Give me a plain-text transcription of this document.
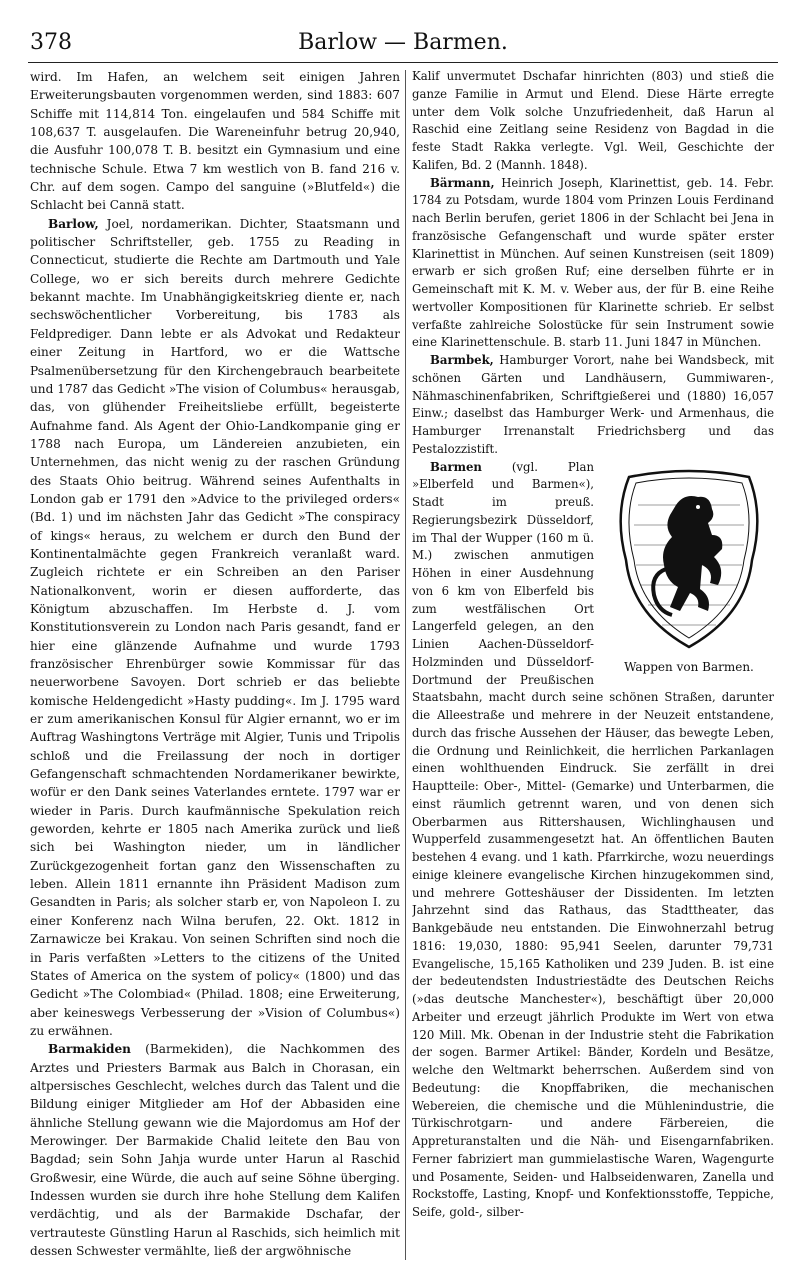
378	Barlow — Barmen.

wird. Im Hafen, an welchem seit einigen Jahren Erweiterungsbauten vorgenommen werden, sind 1883: 607 Schiffe mit 114,814 Ton. eingelaufen und 584 Schiffe mit 108,637 T. ausgelaufen. Die Wareneinfuhr betrug 20,940, die Ausfuhr 100,078 T. B. besitzt ein Gymnasium und eine technische Schule. Etwa 7 km westlich von B. fand 216 v. Chr. auf dem sogen. Campo del sanguine (»Blutfeld«) die Schlacht bei Cannä statt.

Barlow, Joel, nordamerikan. Dichter, Staatsmann und politischer Schriftsteller, geb. 1755 zu Reading in Connecticut, studierte die Rechte am Dartmouth und Yale College, wo er sich bereits durch mehrere Gedichte bekannt machte. Im Unabhängigkeitskrieg diente er, nach sechswöchentlicher Vorbereitung, bis 1783 als Feldprediger. Dann lebte er als Advokat und Redakteur einer Zeitung in Hartford, wo er die Wattsche Psalmenübersetzung für den Kirchengebrauch bearbeitete und 1787 das Gedicht »The vision of Columbus« herausgab, das, von glühender Freiheitsliebe erfüllt, begeisterte Aufnahme fand. Als Agent der Ohio-Landkompanie ging er 1788 nach Europa, um Ländereien anzubieten, ein Unternehmen, das nicht wenig zu der raschen Gründung des Staats Ohio beitrug. Während seines Aufenthalts in London gab er 1791 den »Advice to the privileged orders« (Bd. 1) und im nächsten Jahr das Gedicht »The conspiracy of kings« heraus, zu welchem er durch den Bund der Kontinentalmächte gegen Frankreich veranlaßt ward. Zugleich richtete er ein Schreiben an den Pariser Nationalkonvent, worin er diesen aufforderte, das Königtum abzuschaffen. Im Herbste d. J. vom Konstitutionsverein zu London nach Paris gesandt, fand er hier eine glänzende Aufnahme und wurde 1793 französischer Ehrenbürger sowie Kommissar für das neuerworbene Savoyen. Dort schrieb er das beliebte komische Heldengedicht »Hasty pudding«. Im J. 1795 ward er zum amerikanischen Konsul für Algier ernannt, wo er im Auftrag Washingtons Verträge mit Algier, Tunis und Tripolis schloß und die Freilassung der noch in dortiger Gefangenschaft schmachtenden Nordamerikaner bewirkte, wofür er den Dank seines Vaterlandes erntete. 1797 war er wieder in Paris. Durch kaufmännische Spekulation reich geworden, kehrte er 1805 nach Amerika zurück und ließ sich bei Washington nieder, um in ländlicher Zurückgezogenheit fortan ganz den Wissenschaften zu leben. Allein 1811 ernannte ihn Präsident Madison zum Gesandten in Paris; als solcher starb er, von Napoleon I. zu einer Konferenz nach Wilna berufen, 22. Okt. 1812 in Zarnawicze bei Krakau. Von seinen Schriften sind noch die in Paris verfaßten »Letters to the citizens of the United States of America on the system of policy« (1800) und das Gedicht »The Colombiad« (Philad. 1808; eine Erweiterung, aber keineswegs Verbesserung der »Vision of Columbus«) zu erwähnen.

Barmakiden (Barmekiden), die Nachkommen des Arztes und Priesters Barmak aus Balch in Chorasan, ein altpersisches Geschlecht, welches durch das Talent und die Bildung einiger Mitglieder am Hof der Abbasiden eine ähnliche Stellung gewann wie die Majordomus am Hof der Merowinger. Der Barmakide Chalid leitete den Bau von Bagdad; sein Sohn Jahja wurde unter Harun al Raschid Großwesir, eine Würde, die auch auf seine Söhne überging. Indessen wurden sie durch ihre hohe Stellung dem Kalifen verdächtig, und als der Barmakide Dschafar, der vertrauteste Günstling Harun al Raschids, sich heimlich mit dessen Schwester vermählte, ließ der argwöhnische

Kalif unvermutet Dschafar hinrichten (803) und stieß die ganze Familie in Armut und Elend. Diese Härte erregte unter dem Volk solche Unzufriedenheit, daß Harun al Raschid eine Zeitlang seine Residenz von Bagdad in die feste Stadt Rakka verlegte. Vgl. Weil, Geschichte der Kalifen, Bd. 2 (Mannh. 1848).

Bärmann, Heinrich Joseph, Klarinettist, geb. 14. Febr. 1784 zu Potsdam, wurde 1804 vom Prinzen Louis Ferdinand nach Berlin berufen, geriet 1806 in der Schlacht bei Jena in französische Gefangenschaft und wurde später erster Klarinettist in München. Auf seinen Kunstreisen (seit 1809) erwarb er sich großen Ruf; eine derselben führte er in Gemeinschaft mit K. M. v. Weber aus, der für B. eine Reihe wertvoller Kompositionen für Klarinette schrieb. Er selbst verfaßte zahlreiche Solostücke für sein Instrument sowie eine Klarinettenschule. B. starb 11. Juni 1847 in München.

Barmbek, Hamburger Vorort, nahe bei Wandsbeck, mit schönen Gärten und Landhäusern, Gummiwaren-, Nähmaschinenfabriken, Schriftgießerei und (1880) 16,057 Einw.; daselbst das Hamburger Werk- und Armenhaus, die Hamburger Irrenanstalt Friedrichsberg und das Pestalozzistift.

Wappen von Barmen.

Barmen (vgl. Plan »Elberfeld und Barmen«), Stadt im preuß. Regierungsbezirk Düsseldorf, im Thal der Wupper (160 m ü. M.) zwischen anmutigen Höhen in einer Ausdehnung von 6 km von Elberfeld bis zum westfälischen Ort Langerfeld gelegen, an den Linien Aachen-Düsseldorf-Holzminden und Düsseldorf-Dortmund der Preußischen Staatsbahn, macht durch seine schönen Straßen, darunter die Alleestraße und mehrere in der Neuzeit entstandene, durch das frische Aussehen der Häuser, das bewegte Leben, die Ordnung und Reinlichkeit, die herrlichen Parkanlagen einen wohlthuenden Eindruck. Sie zerfällt in drei Hauptteile: Ober-, Mittel- (Gemarke) und Unterbarmen, die einst räumlich getrennt waren, und von denen sich Oberbarmen aus Rittershausen, Wichlinghausen und Wupperfeld zusammengesetzt hat. An öffentlichen Bauten bestehen 4 evang. und 1 kath. Pfarrkirche, wozu neuerdings einige kleinere evangelische Kirchen hinzugekommen sind, und mehrere Gotteshäuser der Dissidenten. Im letzten Jahrzehnt sind das Rathaus, das Stadttheater, das Bankgebäude neu entstanden. Die Einwohnerzahl betrug 1816: 19,030, 1880: 95,941 Seelen, darunter 79,731 Evangelische, 15,165 Katholiken und 239 Juden. B. ist eine der bedeutendsten Industriestädte des Deutschen Reichs (»das deutsche Manchester«), beschäftigt über 20,000 Arbeiter und erzeugt jährlich Produkte im Wert von etwa 120 Mill. Mk. Obenan in der Industrie steht die Fabrikation der sogen. Barmer Artikel: Bänder, Kordeln und Besätze, welche den Weltmarkt beherrschen. Außerdem sind von Bedeutung: die Knopffabriken, die mechanischen Webereien, die chemische und die Mühlenindustrie, die Türkischrotgarn- und andere Färbereien, die Appreturanstalten und die Näh- und Eisengarnfabriken. Ferner fabriziert man gummielastische Waren, Wagengurte und Posamente, Seiden- und Halbseidenwaren, Zanella und Rockstoffe, Lasting, Knopf- und Konfektionsstoffe, Teppiche, Seife, gold-, silber-
